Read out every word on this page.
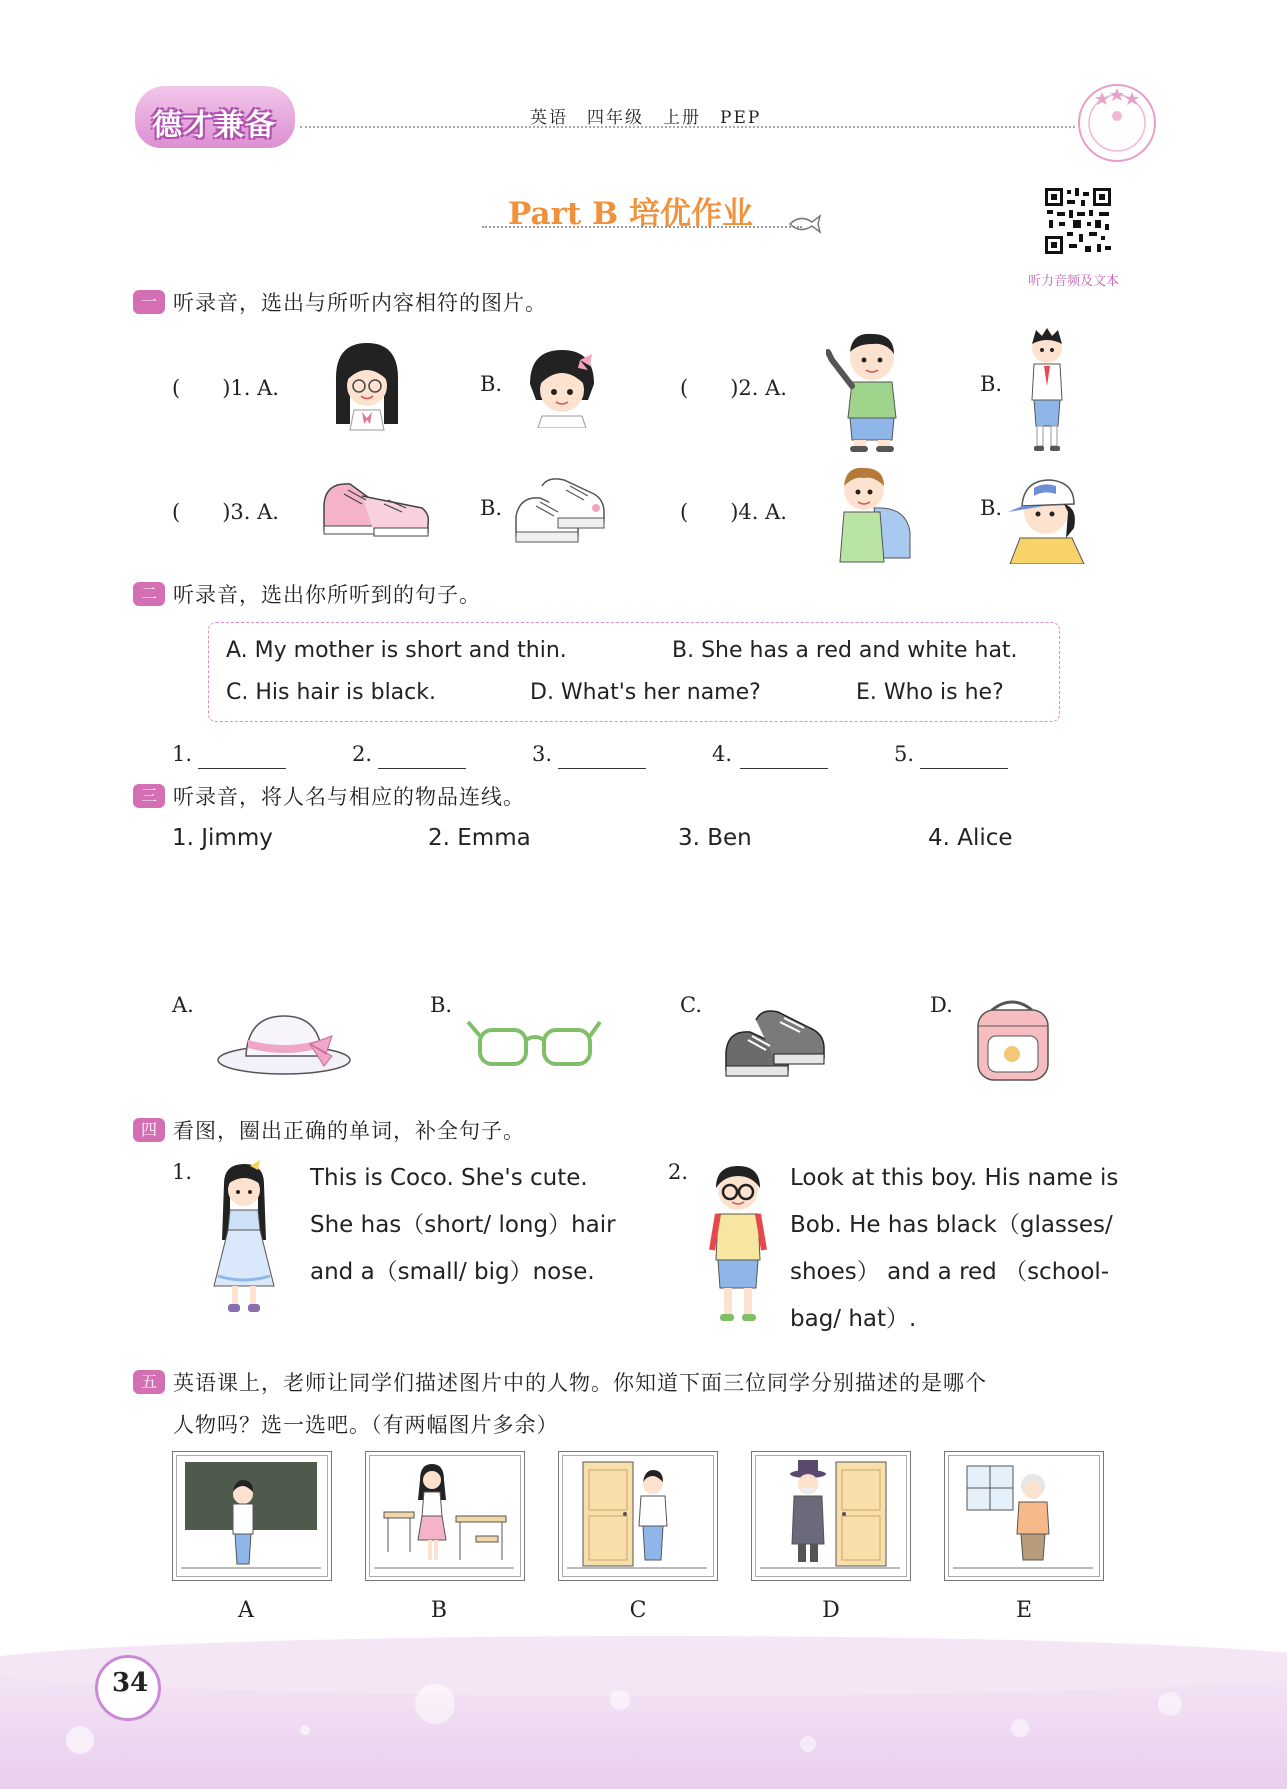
德才兼备	英语　四年级　上册　PEP
Part B 培优作业
听力音频及文本
一 听录音，选出与所听内容相符的图片。
(　　)1. A.	B.	(　　)2. A.	B.
(　　)3. A.	B.	(　　)4. A.	B.
二 听录音，选出你所听到的句子。
A. My mother is short and thin.	B. She has a red and white hat.
C. His hair is black.	D. What's her name?	E. Who is he?
1.	2.	3.	4.	5.
三 听录音，将人名与相应的物品连线。
1. Jimmy	2. Emma	3. Ben	4. Alice
A.	B.	C.	D.
四 看图，圈出正确的单词，补全句子。
1.	This is Coco. She's cute.
She has（short/ long）hair
and a（small/ big）nose.
2.	Look at this boy. His name is
Bob. He has black（glasses/
shoes） and a red （school-
bag/ hat）.
五 英语课上，老师让同学们描述图片中的人物。你知道下面三位同学分别描述的是哪个
人物吗？选一选吧。（有两幅图片多余）
A	B	C	D	E
34
